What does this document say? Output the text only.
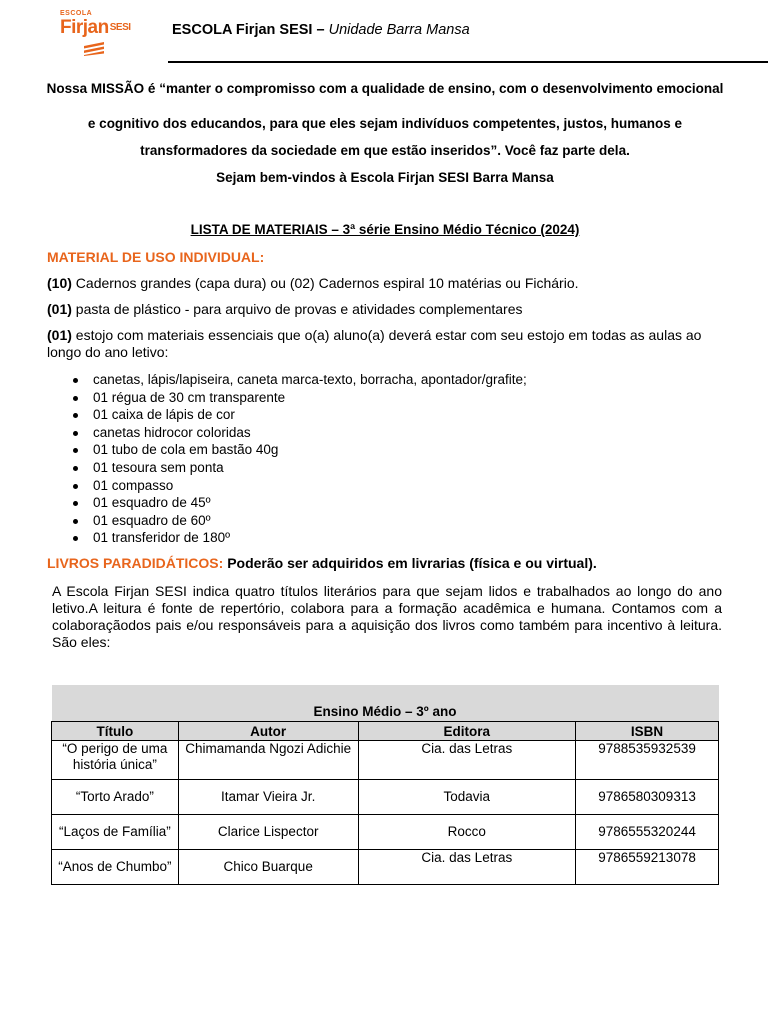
ESCOLA
Firjan$^{SESI}$	ESCOLA Firjan SESI – Unidade Barra Mansa
Nossa MISSÃO é “manter o compromisso com a qualidade de ensino, com o desenvolvimento emocional
e cognitivo dos educandos, para que eles sejam indivíduos competentes, justos, humanos e
transformadores da sociedade em que estão inseridos”. Você faz parte dela.
Sejam bem-vindos à Escola Firjan SESI Barra Mansa
LISTA DE MATERIAIS – 3ª série Ensino Médio Técnico (2024)
MATERIAL DE USO INDIVIDUAL:
(10) Cadernos grandes (capa dura) ou (02) Cadernos espiral 10 matérias ou Fichário.
(01) pasta de plástico - para arquivo de provas e atividades complementares
(01) estojo com materiais essenciais que o(a) aluno(a) deverá estar com seu estojo em todas as aulas ao longo do ano letivo:
canetas, lápis/lapiseira, caneta marca-texto, borracha, apontador/grafite;
01 régua de 30 cm transparente
01 caixa de lápis de cor
canetas hidrocor coloridas
01 tubo de cola em bastão 40g
01 tesoura sem ponta
01 compasso
01 esquadro de 45º
01 esquadro de 60º
01 transferidor de 180º
LIVROS PARADIDÁTICOS: Poderão ser adquiridos em livrarias (física e ou virtual).
A Escola Firjan SESI indica quatro títulos literários para que sejam lidos e trabalhados ao longo do ano letivo.A leitura é fonte de repertório, colabora para a formação acadêmica e humana. Contamos com a colaboraçãodos pais e/ou responsáveis para a aquisição dos livros como também para incentivo à leitura. São eles:
Ensino Médio – 3º ano			
Título	Autor	Editora	ISBN
“O perigo de uma história única”	Chimamanda Ngozi Adichie	Cia. das Letras	9788535932539
“Torto Arado”	Itamar Vieira Jr.	Todavia	9786580309313
“Laços de Família”	Clarice Lispector	Rocco	9786555320244
“Anos de Chumbo”	Chico Buarque	Cia. das Letras	9786559213078
